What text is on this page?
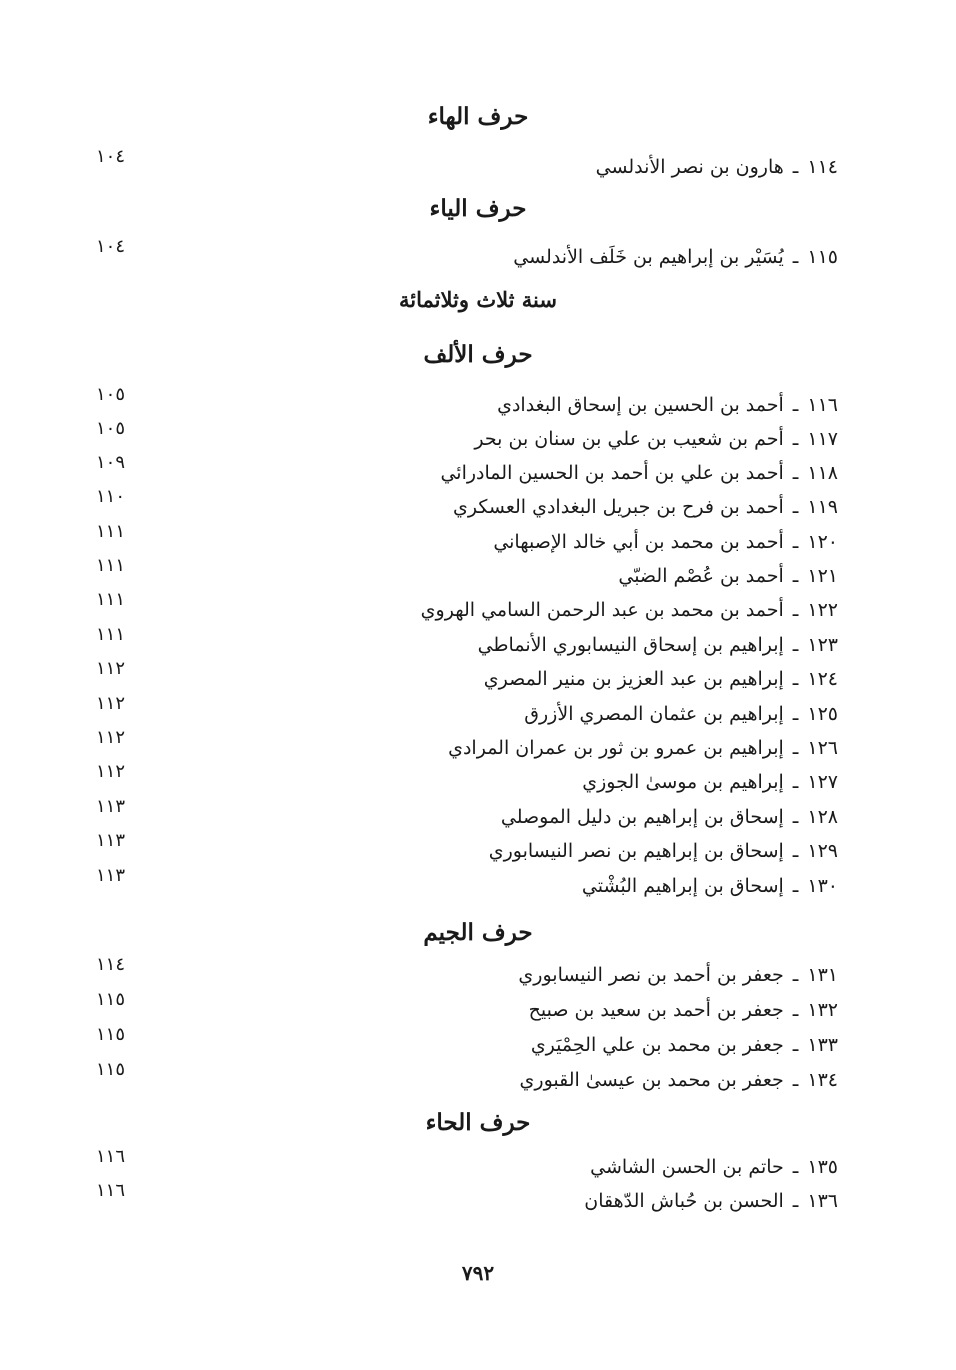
حرف الهاء
حرف الياء
سنة ثلاث وثلاثمائة
حرف الألف
حرف الجيم
حرف الحاء
١١٤ـهارون بن نصر الأندلسي
١٠٤
١١٥ـيُسَيْر بن إبراهيم بن خَلَف الأندلسي
١٠٤
١١٦ـأحمد بن الحسين بن إسحاق البغدادي
١٠٥
١١٧ـأحم بن شعيب بن علي بن سنان بن بحر
١٠٥
١١٨ـأحمد بن علي بن أحمد بن الحسين المادرائي
١٠٩
١١٩ـأحمد بن فرح بن جبريل البغدادي العسكري
١١٠
١٢٠ـأحمد بن محمد بن أبي خالد الإصبهاني
١١١
١٢١ـأحمد بن عُصْم الضبّي
١١١
١٢٢ـأحمد بن محمد بن عبد الرحمن السامي الهروي
١١١
١٢٣ـإبراهيم بن إسحاق النيسابوري الأنماطي
١١١
١٢٤ـإبراهيم بن عبد العزيز بن منير المصري
١١٢
١٢٥ـإبراهيم بن عثمان المصري الأزرق
١١٢
١٢٦ـإبراهيم بن عمرو بن ثور بن عمران المرادي
١١٢
١٢٧ـإبراهيم بن موسىٰ الجوزي
١١٢
١٢٨ـإسحاق بن إبراهيم بن دليل الموصلي
١١٣
١٢٩ـإسحاق بن إبراهيم بن نصر النيسابوري
١١٣
١٣٠ـإسحاق بن إبراهيم البُشْتي
١١٣
١٣١ـجعفر بن أحمد بن نصر النيسابوري
١١٤
١٣٢ـجعفر بن أحمد بن سعيد بن صبيح
١١٥
١٣٣ـجعفر بن محمد بن علي الحِمْيَري
١١٥
١٣٤ـجعفر بن محمد بن عيسىٰ القبوري
١١٥
١٣٥ـحاتم بن الحسن الشاشي
١١٦
١٣٦ـالحسن بن حُباش الدّهقان
١١٦
٧٩٢
